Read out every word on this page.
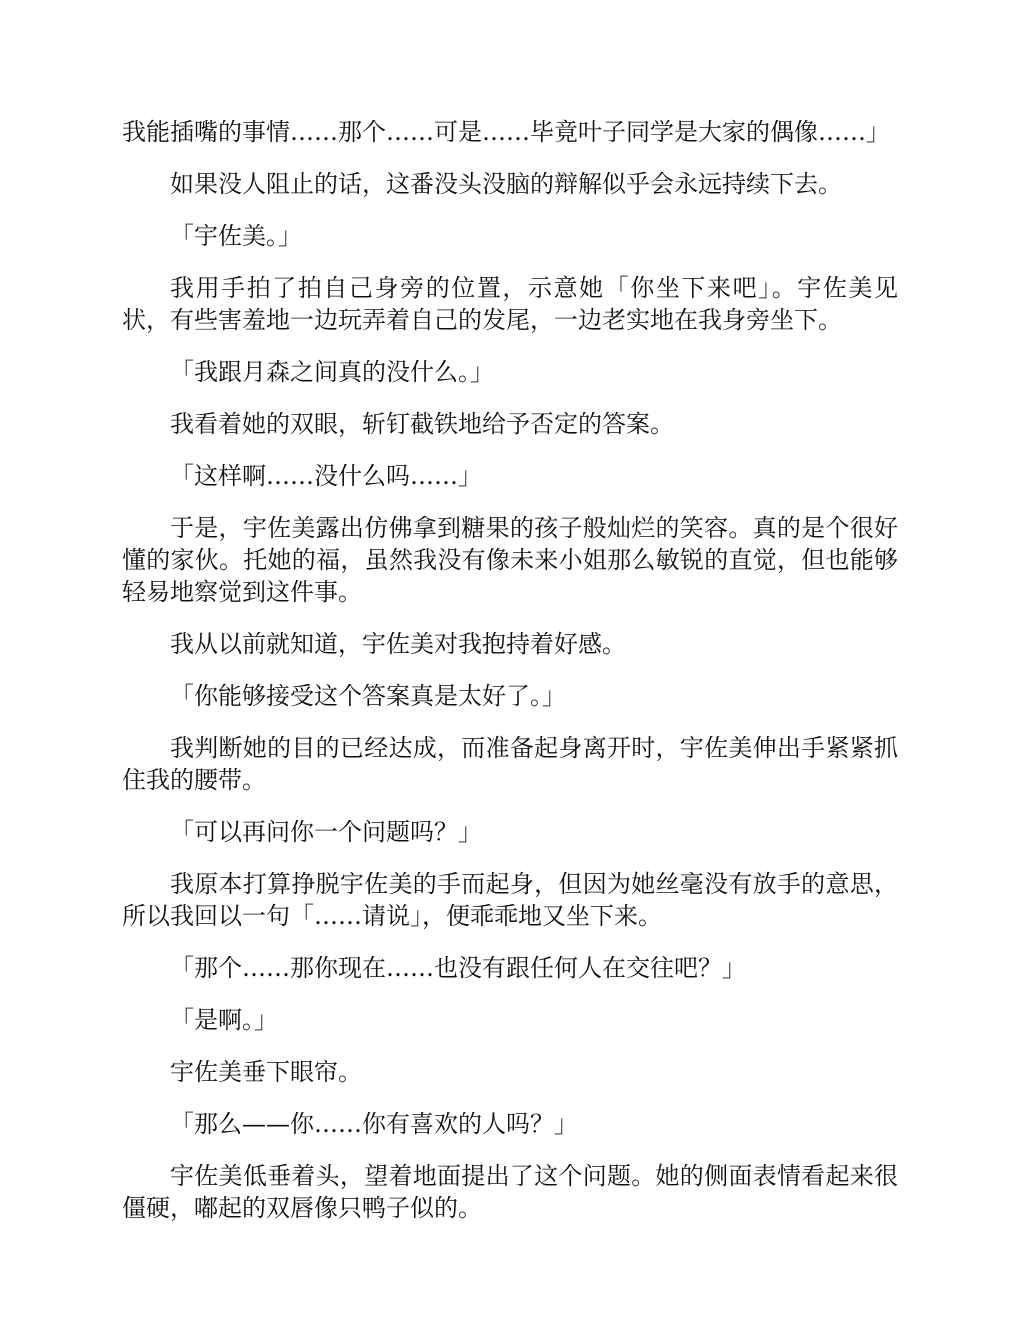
我能插嘴的事情……那个……可是……毕竟叶子同学是大家的偶像……」

如果没人阻止的话，这番没头没脑的辩解似乎会永远持续下去。

「宇佐美。」

我用手拍了拍自己身旁的位置，示意她「你坐下来吧」。宇佐美见状，有些害羞地一边玩弄着自己的发尾，一边老实地在我身旁坐下。

「我跟月森之间真的没什么。」

我看着她的双眼，斩钉截铁地给予否定的答案。

「这样啊……没什么吗……」

于是，宇佐美露出仿佛拿到糖果的孩子般灿烂的笑容。真的是个很好懂的家伙。托她的福，虽然我没有像未来小姐那么敏锐的直觉，但也能够轻易地察觉到这件事。

我从以前就知道，宇佐美对我抱持着好感。

「你能够接受这个答案真是太好了。」

我判断她的目的已经达成，而准备起身离开时，宇佐美伸出手紧紧抓住我的腰带。

「可以再问你一个问题吗？」

我原本打算挣脱宇佐美的手而起身，但因为她丝毫没有放手的意思，所以我回以一句「……请说」，便乖乖地又坐下来。

「那个……那你现在……也没有跟任何人在交往吧？」

「是啊。」

宇佐美垂下眼帘。

「那么——你……你有喜欢的人吗？」

宇佐美低垂着头，望着地面提出了这个问题。她的侧面表情看起来很僵硬，嘟起的双唇像只鸭子似的。
